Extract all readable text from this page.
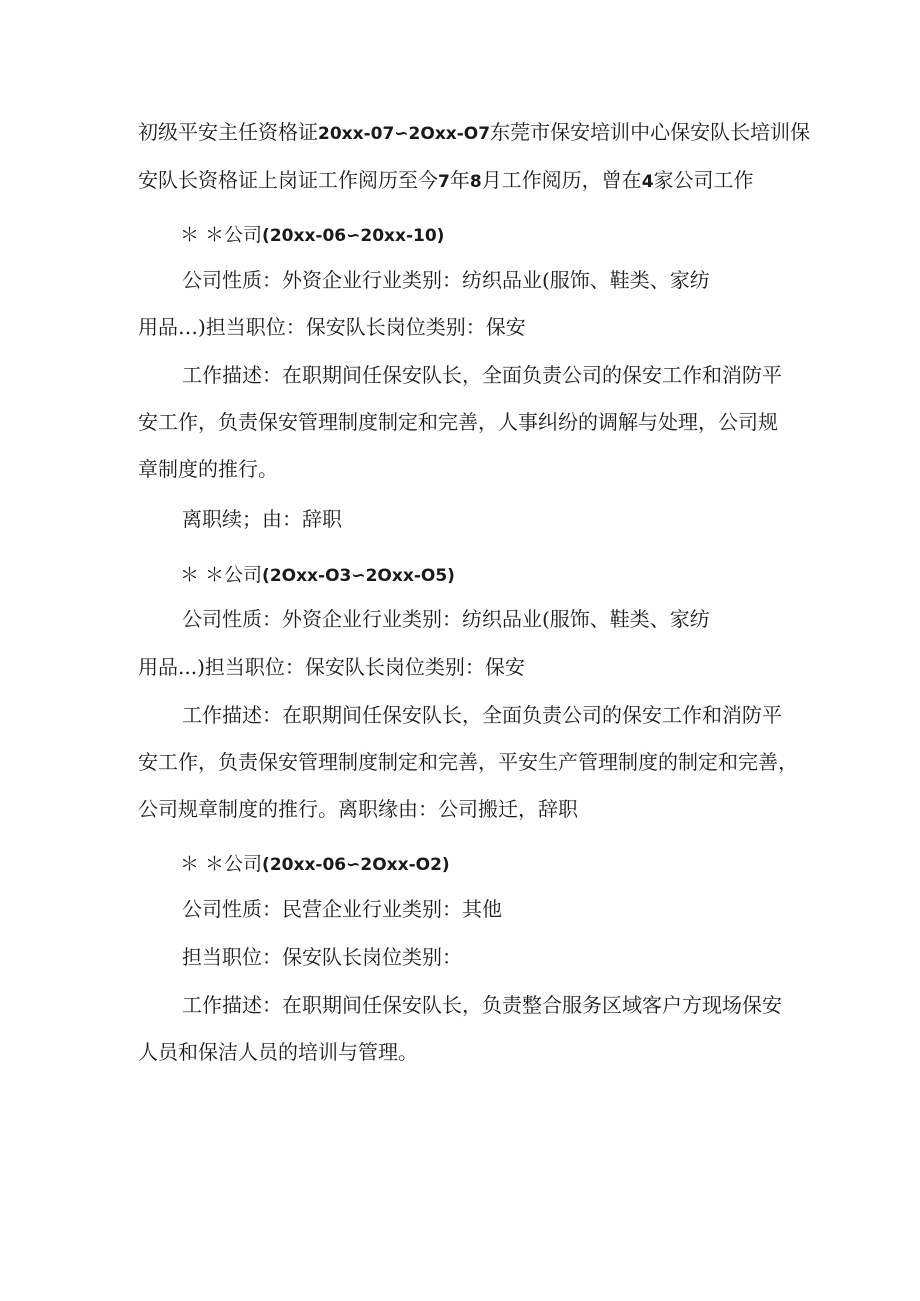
初级平安主任资格证20xx-07∽2Oxx-O7东莞市保安培训中心保安队长培训保
安队长资格证上岗证工作阅历至今7年8月工作阅历，曾在4家公司工作
＊ ＊公司(20xx-06∽20xx-10)
公司性质：外资企业行业类别：纺织品业(服饰、鞋类、家纺
用品…)担当职位：保安队长岗位类别：保安
工作描述：在职期间任保安队长，全面负责公司的保安工作和消防平
安工作，负责保安管理制度制定和完善，人事纠纷的调解与处理，公司规
章制度的推行。
离职续；由：辞职
＊ ＊公司(2Oxx-O3∽2Oxx-O5)
公司性质：外资企业行业类别：纺织品业(服饰、鞋类、家纺
用品...)担当职位：保安队长岗位类别：保安
工作描述：在职期间任保安队长，全面负责公司的保安工作和消防平
安工作，负责保安管理制度制定和完善，平安生产管理制度的制定和完善，
公司规章制度的推行。离职缘由：公司搬迁，辞职
＊ ＊公司(20xx-06∽2Oxx-O2)
公司性质：民营企业行业类别：其他
担当职位：保安队长岗位类别：
工作描述：在职期间任保安队长，负责整合服务区域客户方现场保安
人员和保洁人员的培训与管理。
